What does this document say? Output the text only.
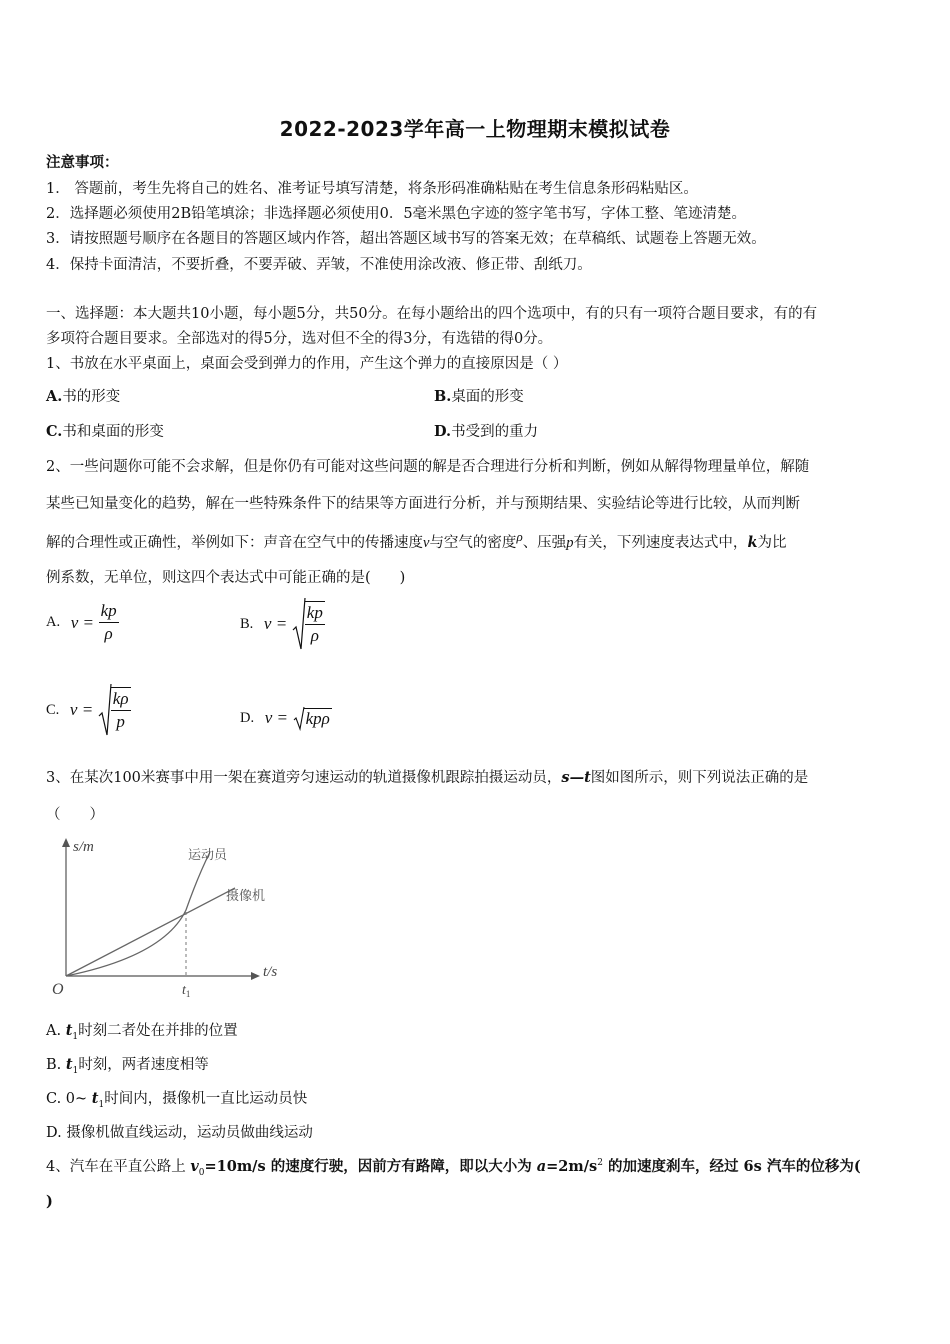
2022-2023学年高一上物理期末模拟试卷
注意事项：
1． 答题前，考生先将自己的姓名、准考证号填写清楚，将条形码准确粘贴在考生信息条形码粘贴区。
2．选择题必须使用2B铅笔填涂；非选择题必须使用0．5毫米黑色字迹的签字笔书写，字体工整、笔迹清楚。
3．请按照题号顺序在各题目的答题区域内作答，超出答题区域书写的答案无效；在草稿纸、试题卷上答题无效。
4．保持卡面清洁，不要折叠，不要弄破、弄皱，不准使用涂改液、修正带、刮纸刀。
一、选择题：本大题共10小题，每小题5分，共50分。在每小题给出的四个选项中，有的只有一项符合题目要求，有的有
多项符合题目要求。全部选对的得5分，选对但不全的得3分，有选错的得0分。
1、书放在水平桌面上，桌面会受到弹力的作用，产生这个弹力的直接原因是（ ）
A.书的形变	B.桌面的形变
C.书和桌面的形变	D.书受到的重力
2、一些问题你可能不会求解，但是你仍有可能对这些问题的解是否合理进行分析和判断，例如从解得物理量单位，解随
某些已知量变化的趋势，解在一些特殊条件下的结果等方面进行分析，并与预期结果、实验结论等进行比较，从而判断
解的合理性或正确性，举例如下：声音在空气中的传播速度v与空气的密度ρ、压强p有关，下列速度表达式中，k为比
例系数，无单位，则这四个表达式中可能正确的是(　　)
A. $v = \frac{kp}{\rho}$	B. $v = \frac{kp}{\rho}$
C. $v = \frac{k\rho}{p}$	D. v = kpρ
3、在某次100米赛事中用一架在赛道旁匀速运动的轨道摄像机跟踪拍摄运动员，s—t图如图所示，则下列说法正确的是
（　　）
s/m
t/s
O	$t_1$
运动员
摄像机
A. $t_1$时刻二者处在并排的位置
B. $t_1$时刻，两者速度相等
C. 0~ $t_1$时间内，摄像机一直比运动员快
D. 摄像机做直线运动，运动员做曲线运动
4、汽车在平直公路上 $v_0=10m/s$ 的速度行驶，因前方有路障，即以大小为 $a=2m/s^2$ 的加速度刹车，经过 6s 汽车的位移为(
)
